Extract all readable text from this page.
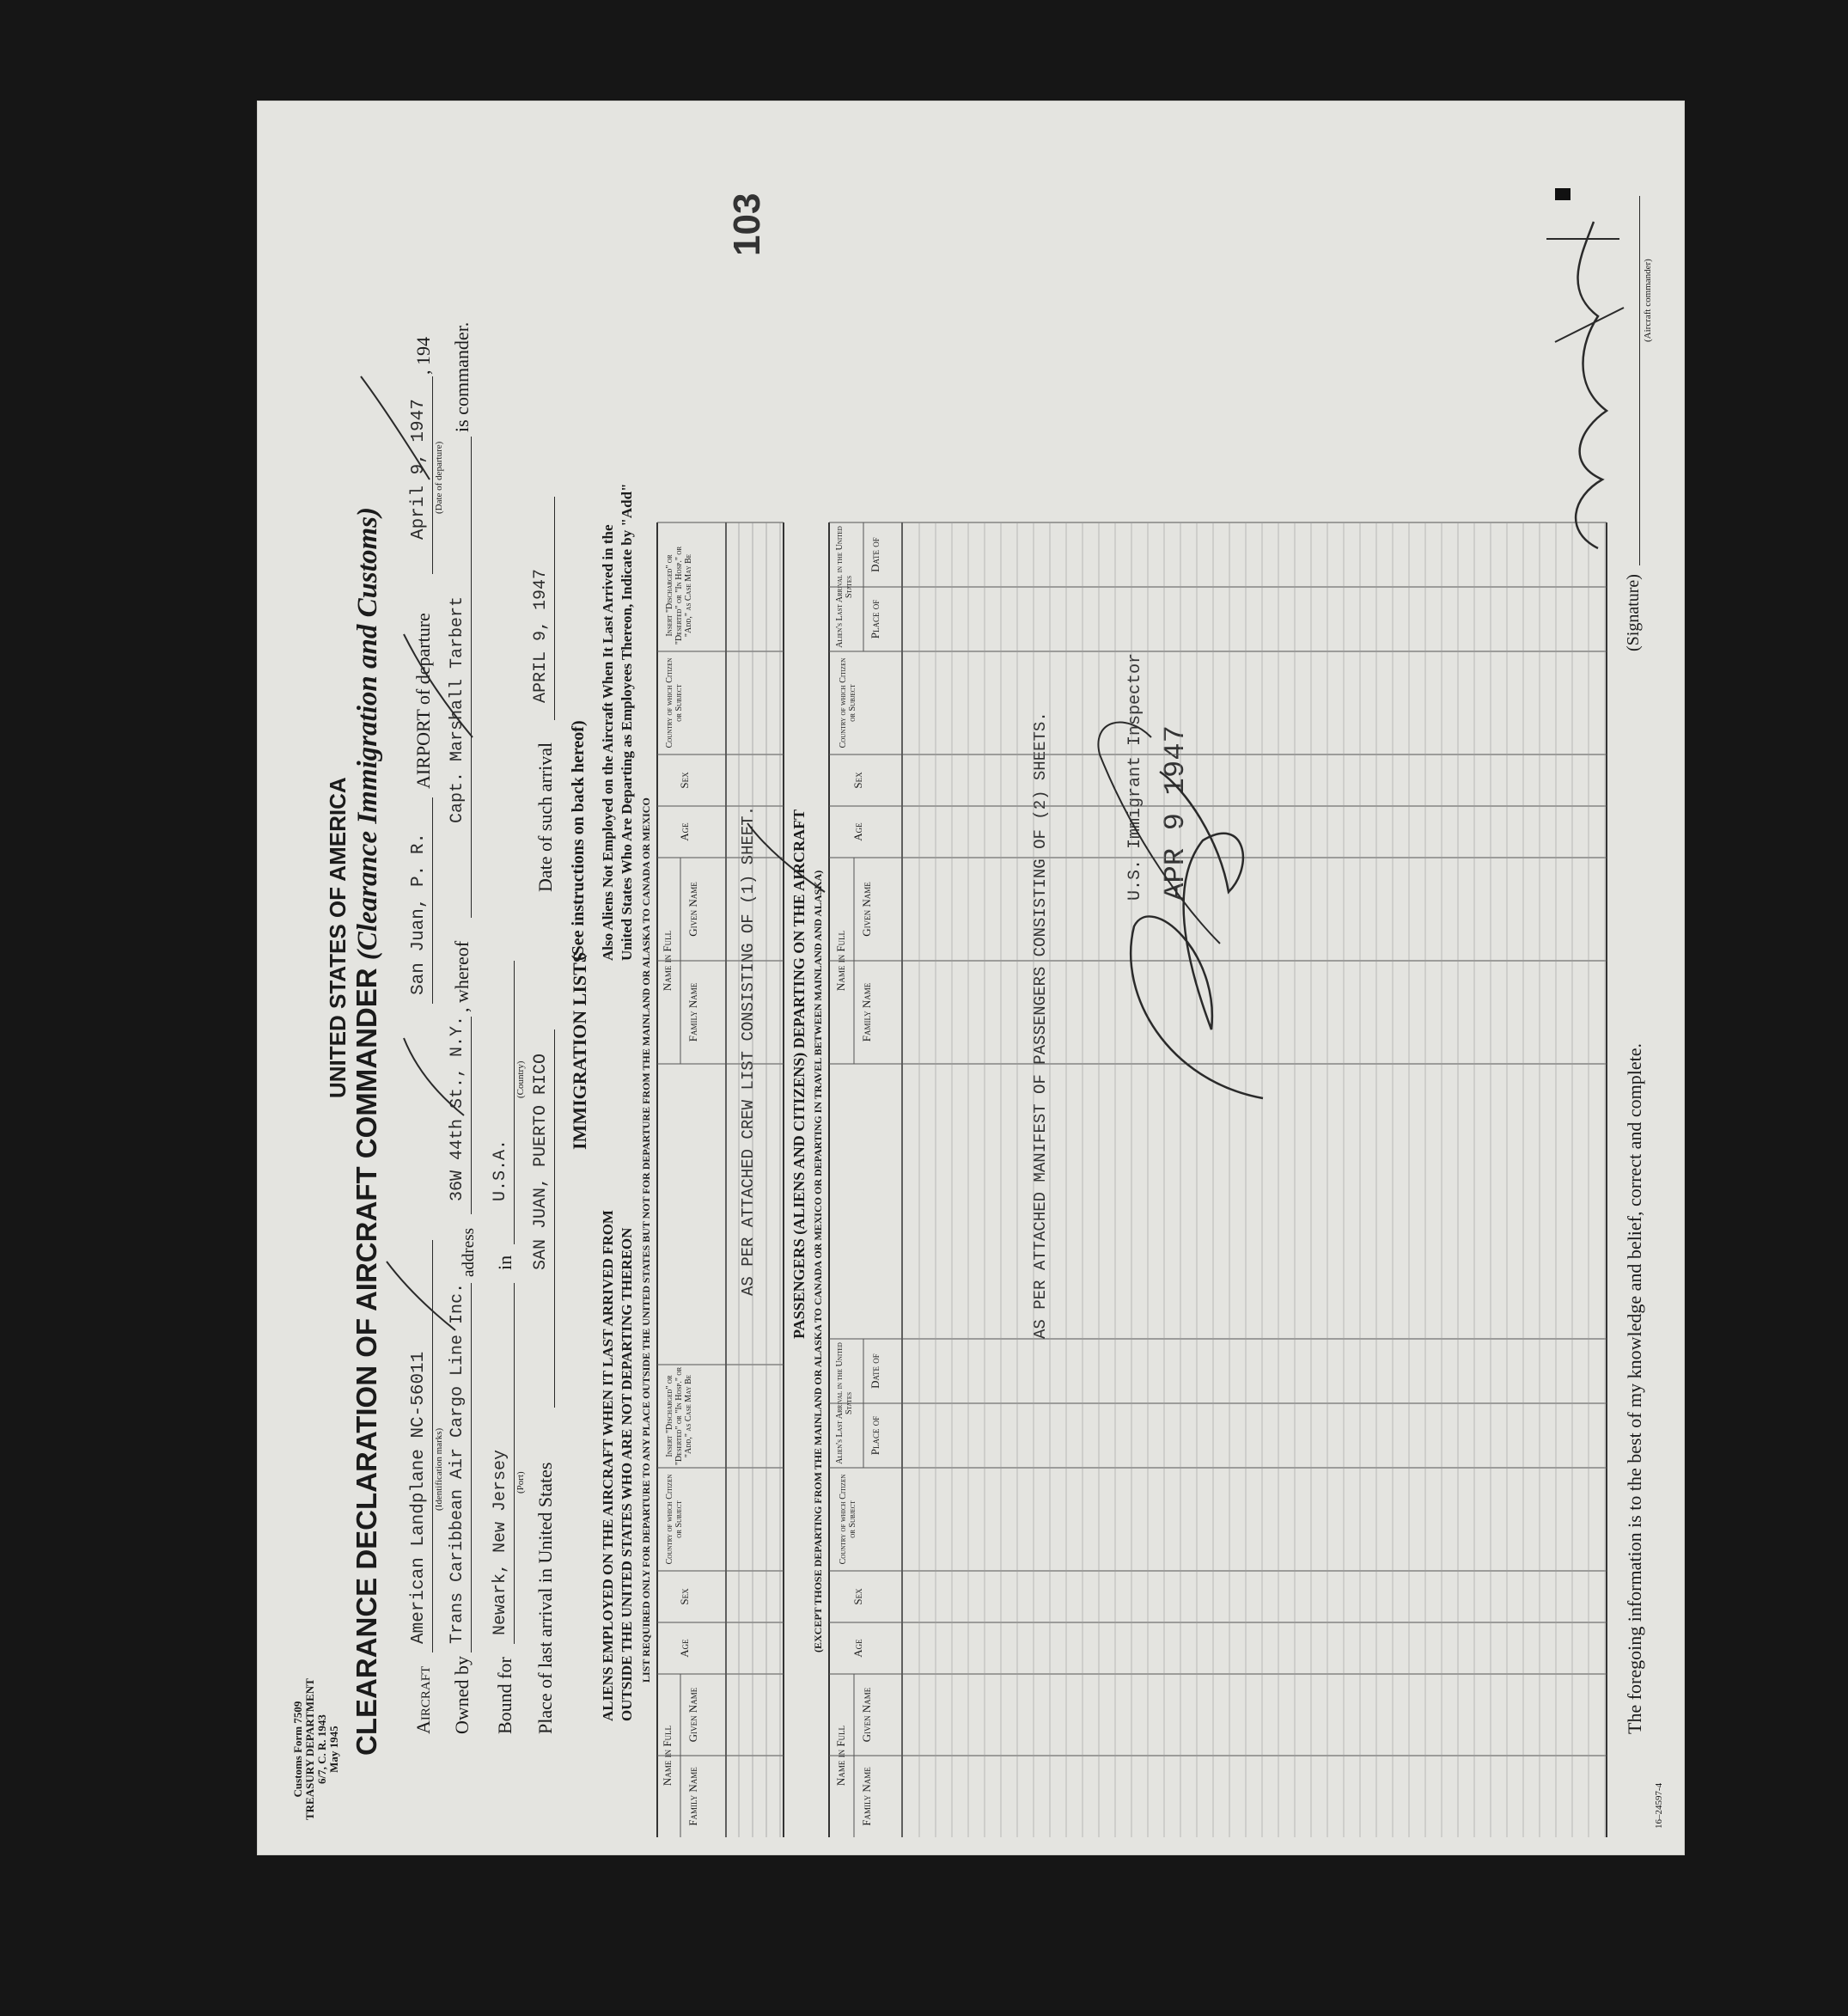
Customs Form 7509 TREASURY DEPARTMENT 6/7, C. R. 1943 May 1945
UNITED STATES OF AMERICA
CLEARANCE DECLARATION OF AIRCRAFT COMMANDER (Clearance Immigration and Customs)
Aircraft
American Landplane NC-56011 (Identification marks)
San Juan, P. R.
AIRPORT of departure
April 9, 1947
, 194
(Date of departure)
Owned by
Trans Caribbean Air Cargo Line Inc.
address
36W 44th St., N.Y.
, whereof
Capt. Marshall Tarbert
is commander.
Bound for
Newark, New Jersey (Port)
in
U.S.A.
(Country)
Place of last arrival in United States
SAN JUAN, PUERTO RICO
Date of such arrival
APRIL 9, 1947
IMMIGRATION LISTS
(See instructions on back hereof)
ALIENS EMPLOYED ON THE AIRCRAFT WHEN IT LAST ARRIVED FROM OUTSIDE THE UNITED STATES WHO ARE NOT DEPARTING THEREON
Also Aliens Not Employed on the Aircraft When It Last Arrived in the United States Who Are Departing as Employees Thereon, Indicate by "Add"
LIST REQUIRED ONLY FOR DEPARTURE TO ANY PLACE OUTSIDE THE UNITED STATES BUT NOT FOR DEPARTURE FROM THE MAINLAND OR ALASKA TO CANADA OR MEXICO
Name in Full
Family Name
Given Name
Age
Sex
Country of which Citizen or Subject
Insert "Discharged" or "Deserted" or "In Hosp." or "Add," as Case May Be
Name in Full
Family Name
Given Name
Age
Sex
Country of which Citizen or Subject
Insert "Discharged" or "Deserted" or "In Hosp." or "Add," as Case May Be
AS PER ATTACHED CREW LIST CONSISTING OF (1) SHEET.
103
PASSENGERS (ALIENS AND CITIZENS) DEPARTING ON THE AIRCRAFT (EXCEPT THOSE DEPARTING FROM THE MAINLAND OR ALASKA TO CANADA OR MEXICO OR DEPARTING IN TRAVEL BETWEEN MAINLAND AND ALASKA)
Name in Full
Family Name
Given Name
Age
Sex
Country of which Citizen or Subject
Alien's Last Arrival in the United States
Place of
Date of
Name in Full
Family Name
Given Name
Age
Sex
Country of which Citizen or Subject
Alien's Last Arrival in the United States
Place of
Date of
AS PER ATTACHED MANIFEST OF PASSENGERS CONSISTING OF (2) SHEETS.	U.S. Immigrant Inspector APR 9 1947
The foregoing information is to the best of my knowledge and belief, correct and complete.
(Signature)
(Aircraft commander)
16–24597-4
